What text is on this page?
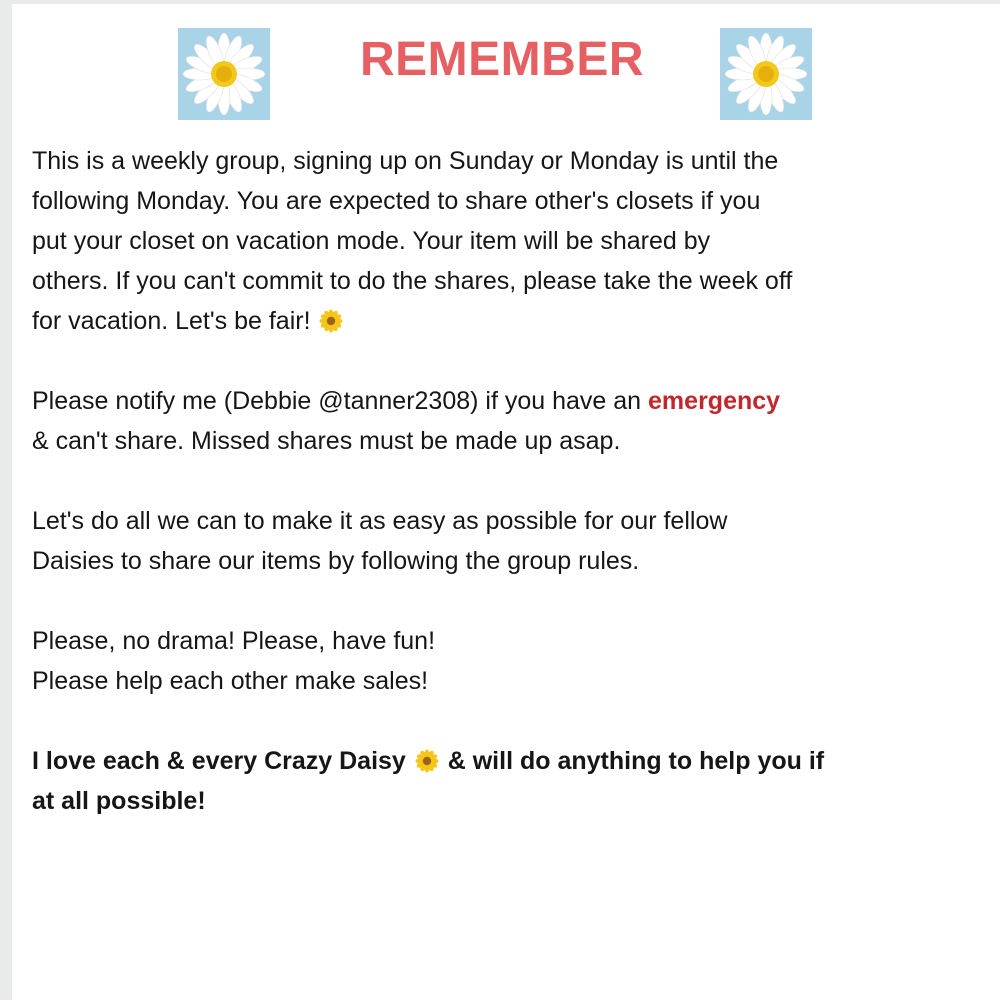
REMEMBER

This is a weekly group, signing up on Sunday or Monday is until the
following Monday. You are expected to share other's closets if you
put your closet on vacation mode. Your item will be shared by
others. If you can't commit to do the shares, please take the week off
for vacation. Let's be fair!

Please notify me (Debbie @tanner2308) if you have an emergency
& can't share. Missed shares must be made up asap.

Let's do all we can to make it as easy as possible for our fellow
Daisies to share our items by following the group rules.

Please, no drama! Please, have fun!
Please help each other make sales!

I love each & every Crazy Daisy & will do anything to help you if
at all possible!
